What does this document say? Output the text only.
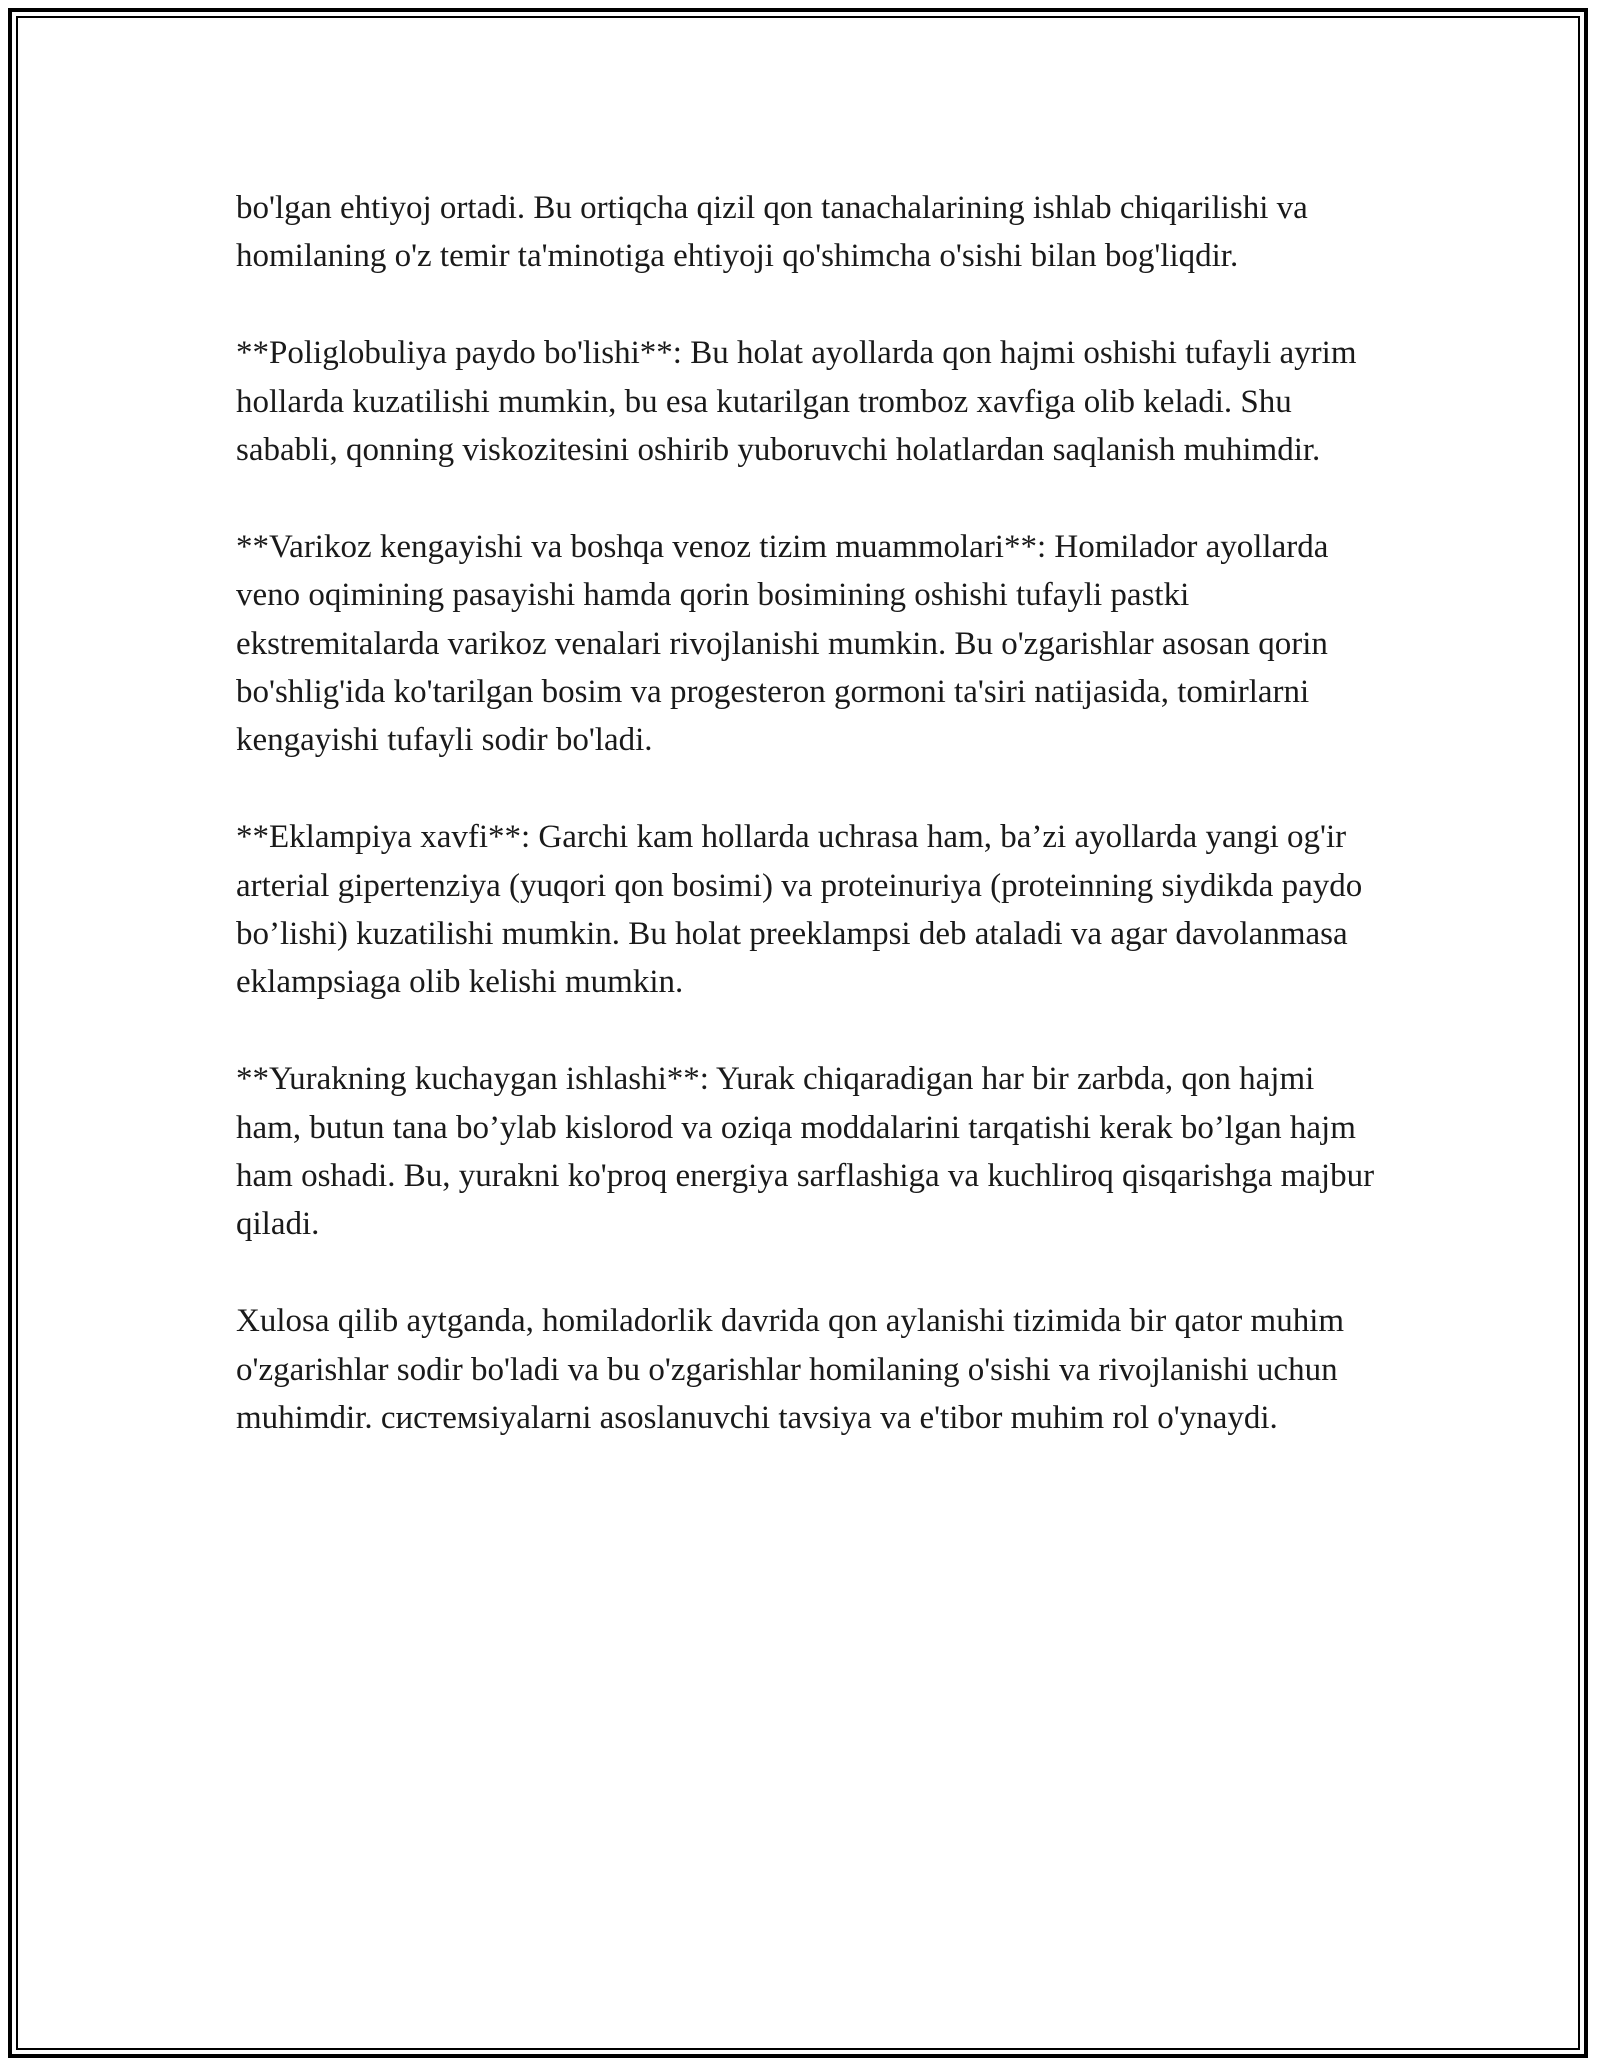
bo'lgan ehtiyoj ortadi. Bu ortiqcha qizil qon tanachalarining ishlab chiqarilishi va homilaning o'z temir ta'minotiga ehtiyoji qo'shimcha o'sishi bilan bog'liqdir.

**Poliglobuliya paydo bo'lishi**: Bu holat ayollarda qon hajmi oshishi tufayli ayrim hollarda kuzatilishi mumkin, bu esa kutarilgan tromboz xavfiga olib keladi. Shu sababli, qonning viskozitesini oshirib yuboruvchi holatlardan saqlanish muhimdir.

**Varikoz kengayishi va boshqa venoz tizim muammolari**: Homilador ayollarda veno oqimining pasayishi hamda qorin bosimining oshishi tufayli pastki ekstremitalarda varikoz venalari rivojlanishi mumkin. Bu o'zgarishlar asosan qorin bo'shlig'ida ko'tarilgan bosim va progesteron gormoni ta'siri natijasida, tomirlarni kengayishi tufayli sodir bo'ladi.

**Eklampiya xavfi**: Garchi kam hollarda uchrasa ham, ba’zi ayollarda yangi og'ir arterial gipertenziya (yuqori qon bosimi) va proteinuriya (proteinning siydikda paydo bo’lishi) kuzatilishi mumkin. Bu holat preeklampsi deb ataladi va agar davolanmasa eklampsiaga olib kelishi mumkin.

**Yurakning kuchaygan ishlashi**: Yurak chiqaradigan har bir zarbda, qon hajmi ham, butun tana bo’ylab kislorod va oziqa moddalarini tarqatishi kerak bo’lgan hajm ham oshadi. Bu, yurakni ko'proq energiya sarflashiga va kuchliroq qisqarishga majbur qiladi.

Xulosa qilib aytganda, homiladorlik davrida qon aylanishi tizimida bir qator muhim o'zgarishlar sodir bo'ladi va bu o'zgarishlar homilaning o'sishi va rivojlanishi uchun muhimdir. системsiyalarni asoslanuvchi tavsiya va e'tibor muhim rol o'ynaydi.
